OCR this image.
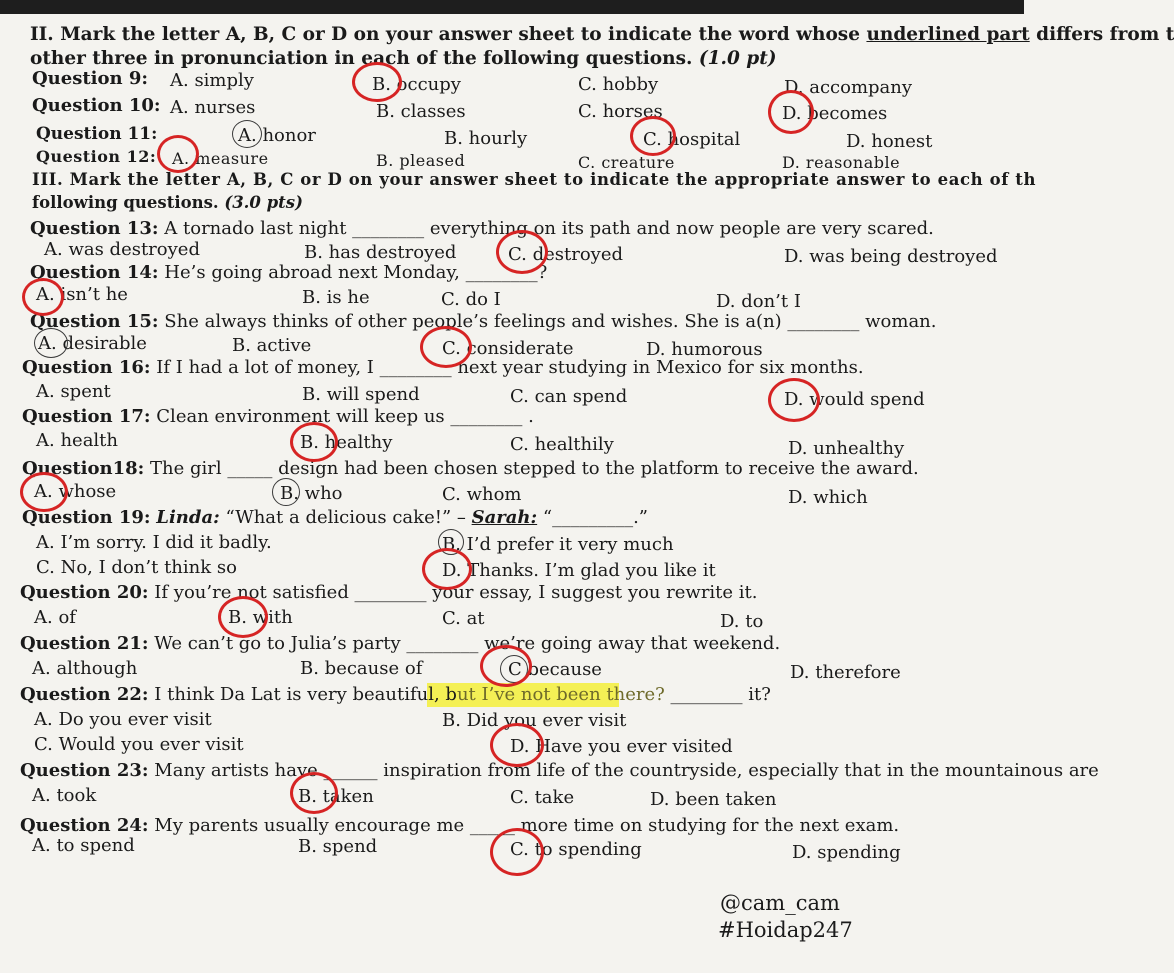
II. Mark the letter A, B, C or D on your answer sheet to indicate the word whose underlined part differs from t
other three in pronunciation in each of the following questions. (1.0 pt)
Question 9: A. simply	B. occupy	C. hobby	D. accompany
Question 10: A. nurses	B. classes	C. horses	D. becomes
Question 11:	A. honor	B. hourly	C. hospital	D. honest
Question 12: A. measure	B. pleased	C. creature	D. reasonable
III. Mark the letter A, B, C or D on your answer sheet to indicate the appropriate answer to each of th
following questions. (3.0 pts)
Question 13: A tornado last night ________ everything on its path and now people are very scared.
A. was destroyed	B. has destroyed	C. destroyed	D. was being destroyed
Question 14: He’s going abroad next Monday, ________?
A. isn’t he	B. is he	C. do I	D. don’t I
Question 15: She always thinks of other people’s feelings and wishes. She is a(n) ________ woman.
A. desirable	B. active	C. considerate	D. humorous
Question 16: If I had a lot of money, I ________ next year studying in Mexico for six months.
A. spent	B. will spend	C. can spend	D. would spend
Question 17: Clean environment will keep us ________ .
A. health	B. healthy	C. healthily	D. unhealthy
Question18: The girl _____ design had been chosen stepped to the platform to receive the award.
A. whose	B. who	C. whom	D. which
Question 19: Linda: “What a delicious cake!” – Sarah: “_________.”
A. I’m sorry. I did it badly.	B. I’d prefer it very much
C. No, I don’t think so	D. Thanks. I’m glad you like it
Question 20: If you’re not satisfied ________ your essay, I suggest you rewrite it.
A. of	B. with	C. at	D. to
Question 21: We can’t go to Julia’s party ________ we’re going away that weekend.
A. although	B. because of	C because	D. therefore
Question 22: I think Da Lat is very beautiful, but I’ve not been there? ________ it?
A. Do you ever visit	B. Did you ever visit
C. Would you ever visit	D. Have you ever visited
Question 23: Many artists have ______ inspiration from life of the countryside, especially that in the mountainous are
A. took	B. taken	C. take	D. been taken
Question 24: My parents usually encourage me _____ more time on studying for the next exam.
A. to spend	B. spend	C. to spending	D. spending
@cam_cam
#Hoidap247
